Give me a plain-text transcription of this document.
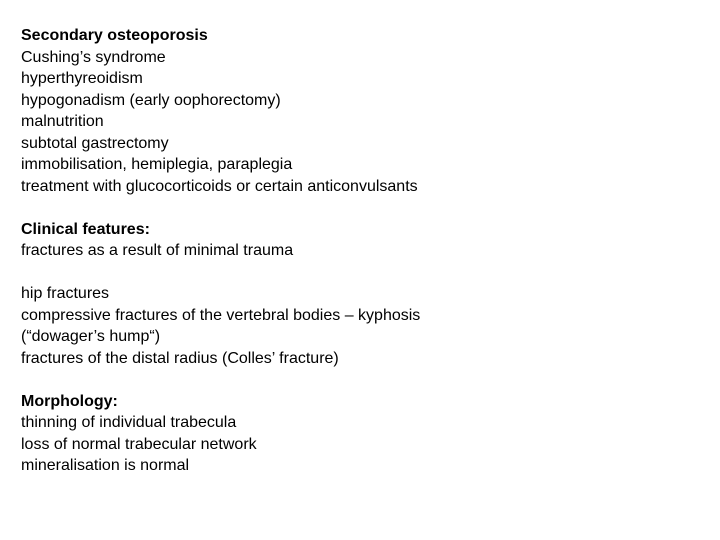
Secondary osteoporosis
Cushing’s syndrome
hyperthyreoidism
hypogonadism (early oophorectomy)
malnutrition
subtotal gastrectomy
immobilisation, hemiplegia, paraplegia
treatment with glucocorticoids or certain anticonvulsants
Clinical features:
fractures as a result of minimal trauma
hip fractures
compressive fractures of the vertebral bodies – kyphosis
(“dowager’s hump“)
fractures of the distal radius (Colles’ fracture)
Morphology:
thinning of individual trabecula
loss of normal trabecular network
mineralisation is normal
